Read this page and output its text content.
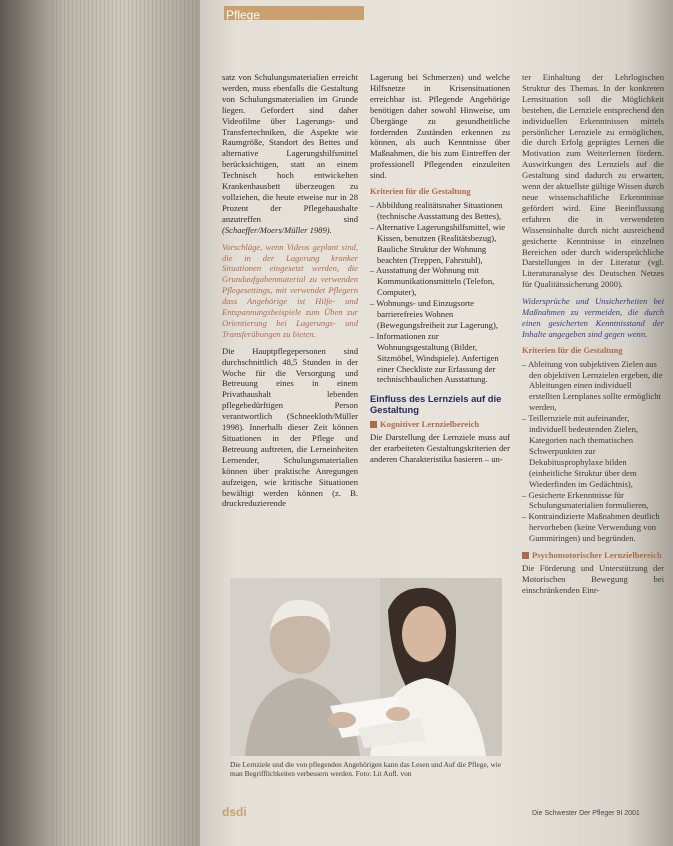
Pflege

satz von Schulungsmaterialien erreicht werden, muss ebenfalls die Gestaltung von Schulungsmaterialien im Grunde liegen. Gefordert sind daher Videofilme über Lagerungs- und Transfertechniken, die Aspekte wie Raumgröße, Standort des Bettes und alternative Lagerungshilfsmittel berücksichtigen, statt an einem Technisch hoch entwickelten Krankenhausbett überzeugen zu vollziehen, die heute etweise nur in 28 Prozent der Pflegehaushalte anzutreffen sind (Schaeffer/Moers/Müller 1989).

Vorschläge, wenn Videos geplant sind, die in der Lagerung kranker Situationen eingesetzt werden, die Grundaufgabenmaterial zu verwenden Pflegesettings, mit verwendet Pflegern dass Angehörige ist Hilfe- und Entspannungsbeispiele zum Üben zur Orientierung bei Lagerungs- und Transferübungen zu bieten.

Die Hauptpflegepersonen sind durchschnittlich 48,5 Stunden in der Woche für die Versorgung und Betreuung eines in einem Privathaushalt lebenden pflegebedürftigen Person verantwortlich (Schneekloth/Müller 1998). Innerhalb dieser Zeit können Situationen in der Pflege und Betreuung auftreten, die Lerneinheiten Lernender, Schulungsmaterialien können über praktische Anregungen aufzeigen, wie kritische Situationen bewältigt werden können (z. B. druckreduzierende

Lagerung bei Schmerzen) und welche Hilfsnetze in Krisensituationen erreichbar ist. Pflegende Angehörige benötigen daher sowohl Hinweise, um Übergänge zu gesundheitliche fordernden Zuständen erkennen zu können, als auch Kenntnisse über Maßnahmen, die bis zum Eintreffen der professionell Pflegenden einzuleiten sind.

Kriterien für die Gestaltung
– Abbildung realitätsnaher Situationen (technische Ausstattung des Bettes),
– Alternative Lagerungshilfsmittel, wie Kissen, benutzen (Realitätsbezug), Bauliche Struktur der Wohnung beachten (Treppen, Fahrstuhl),
– Ausstattung der Wohnung mit Kommunikationsmitteln (Telefon, Computer),
– Wohnungs- und Einzugsorte barrierefreies Wohnen (Bewegungsfreiheit zur Lagerung),
– Informationen zur Wohnungsgestaltung (Bilder, Sitzmöbel, Windspiele). Anfertigen einer Checkliste zur Erfassung der technischbaulichen Ausstattung.
Einfluss des Lernziels auf die Gestaltung
Kognitiver Lernzielbereich

Die Darstellung der Lernziele muss auf der erarbeiteten Gestaltungskriterien der anderen Charakteristika basieren – un-

ter Einhaltung der Lehrlogischen Struktur des Themas. In der konkreten Lernsituation soll die Möglichkeit bestehen, die Lernziele entsprechend den individuellen Erkenntnissen mittels persönlicher Lernziele zu ermöglichen, die durch Erfolg geprägtes Lernen die Motivation zum Weiterlernen fördern. Auswirkungen des Lernziels auf die Gestaltung sind dadurch zu erwarten, wenn der aktuellste gültige Wissen durch neue wissenschaftliche Erkenntnisse gefördert wird. Eine Beeinflussung erfahren die in verwendeten Wissensinhalte durch nicht ausreichend gesicherte Kenntnisse in einzelnen Bereichen oder durch widersprüchliche Darstellungen in der Literatur (vgl. Literaturanalyse des Deutschen Netzes für Qualitätssicherung 2000).

Widersprüche und Unsicherheiten bei Maßnahmen zu vermeiden, die durch einen gesicherten Kenntnisstand der Inhalte angegeben sind gegen wenn.

Kriterien für die Gestaltung
– Ableitung von subjektiven Zielen aus den objektiven Lernzielen ergeben, die Ableitungen einen individuell erstellten Lernplanes sollte ermöglicht werden,
– Teillernziele mit aufeinander, individuell bedeutenden Zielen, Kategorien nach thematischen Schwerpunkten zur Dekubitusprophylaxe bilden (einheitliche Struktur über dem Wiederfinden im Gedächtnis),
– Gesicherte Erkenntnisse für Schulungsmaterialien formulieren,
– Kontraindizierte Maßnahmen deutlich hervorheben (keine Verwendung von Gummiringen) und begründen.
Psychomotorischer Lernzielbereich

Die Förderung und Unterstützung der Motorischen Bewegung bei einschränkenden Einr-

Die Lernziele und die von pflegenden Angehörigen kann das Lesen und Auf die Pflege, wie man Begrifflichkeiten verbessern werden. Foto: Lit Aufl. von
dsdi	Die Schwester Der Pfleger 9I 2001
